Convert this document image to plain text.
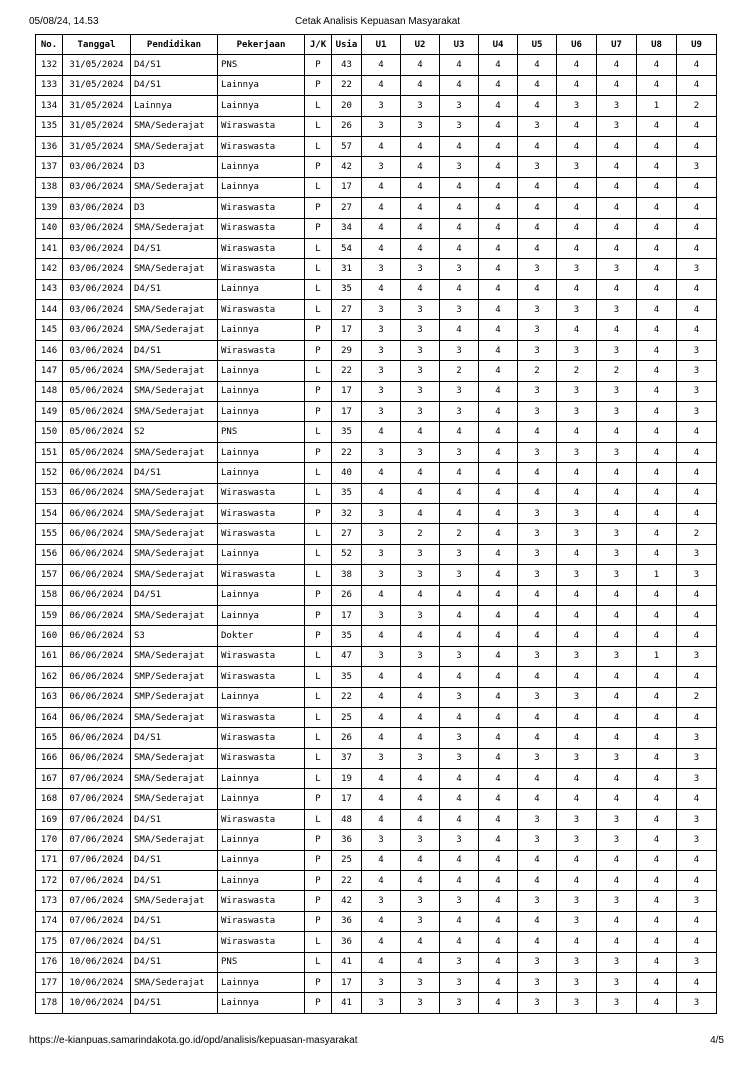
05/08/24, 14.53	Cetak Analisis Kepuasan Masyarakat
No.	Tanggal	Pendidikan	Pekerjaan	J/K	Usia	U1	U2	U3	U4	U5	U6	U7	U8	U9
132	31/05/2024	D4/S1	PNS	P	43	4	4	4	4	4	4	4	4	4
133	31/05/2024	D4/S1	Lainnya	P	22	4	4	4	4	4	4	4	4	4
134	31/05/2024	Lainnya	Lainnya	L	20	3	3	3	4	4	3	3	1	2
135	31/05/2024	SMA/Sederajat	Wiraswasta	L	26	3	3	3	4	3	4	3	4	4
136	31/05/2024	SMA/Sederajat	Wiraswasta	L	57	4	4	4	4	4	4	4	4	4
137	03/06/2024	D3	Lainnya	P	42	3	4	3	4	3	3	4	4	3
138	03/06/2024	SMA/Sederajat	Lainnya	L	17	4	4	4	4	4	4	4	4	4
139	03/06/2024	D3	Wiraswasta	P	27	4	4	4	4	4	4	4	4	4
140	03/06/2024	SMA/Sederajat	Wiraswasta	P	34	4	4	4	4	4	4	4	4	4
141	03/06/2024	D4/S1	Wiraswasta	L	54	4	4	4	4	4	4	4	4	4
142	03/06/2024	SMA/Sederajat	Wiraswasta	L	31	3	3	3	4	3	3	3	4	3
143	03/06/2024	D4/S1	Lainnya	L	35	4	4	4	4	4	4	4	4	4
144	03/06/2024	SMA/Sederajat	Wiraswasta	L	27	3	3	3	4	3	3	3	4	4
145	03/06/2024	SMA/Sederajat	Lainnya	P	17	3	3	4	4	3	4	4	4	4
146	03/06/2024	D4/S1	Wiraswasta	P	29	3	3	3	4	3	3	3	4	3
147	05/06/2024	SMA/Sederajat	Lainnya	L	22	3	3	2	4	2	2	2	4	3
148	05/06/2024	SMA/Sederajat	Lainnya	P	17	3	3	3	4	3	3	3	4	3
149	05/06/2024	SMA/Sederajat	Lainnya	P	17	3	3	3	4	3	3	3	4	3
150	05/06/2024	S2	PNS	L	35	4	4	4	4	4	4	4	4	4
151	05/06/2024	SMA/Sederajat	Lainnya	P	22	3	3	3	4	3	3	3	4	4
152	06/06/2024	D4/S1	Lainnya	L	40	4	4	4	4	4	4	4	4	4
153	06/06/2024	SMA/Sederajat	Wiraswasta	L	35	4	4	4	4	4	4	4	4	4
154	06/06/2024	SMA/Sederajat	Wiraswasta	P	32	3	4	4	4	3	3	4	4	4
155	06/06/2024	SMA/Sederajat	Wiraswasta	L	27	3	2	2	4	3	3	3	4	2
156	06/06/2024	SMA/Sederajat	Lainnya	L	52	3	3	3	4	3	4	3	4	3
157	06/06/2024	SMA/Sederajat	Wiraswasta	L	38	3	3	3	4	3	3	3	1	3
158	06/06/2024	D4/S1	Lainnya	P	26	4	4	4	4	4	4	4	4	4
159	06/06/2024	SMA/Sederajat	Lainnya	P	17	3	3	4	4	4	4	4	4	4
160	06/06/2024	S3	Dokter	P	35	4	4	4	4	4	4	4	4	4
161	06/06/2024	SMA/Sederajat	Wiraswasta	L	47	3	3	3	4	3	3	3	1	3
162	06/06/2024	SMP/Sederajat	Wiraswasta	L	35	4	4	4	4	4	4	4	4	4
163	06/06/2024	SMP/Sederajat	Lainnya	L	22	4	4	3	4	3	3	4	4	2
164	06/06/2024	SMA/Sederajat	Wiraswasta	L	25	4	4	4	4	4	4	4	4	4
165	06/06/2024	D4/S1	Wiraswasta	L	26	4	4	3	4	4	4	4	4	3
166	06/06/2024	SMA/Sederajat	Wiraswasta	L	37	3	3	3	4	3	3	3	4	3
167	07/06/2024	SMA/Sederajat	Lainnya	L	19	4	4	4	4	4	4	4	4	3
168	07/06/2024	SMA/Sederajat	Lainnya	P	17	4	4	4	4	4	4	4	4	4
169	07/06/2024	D4/S1	Wiraswasta	L	48	4	4	4	4	3	3	3	4	3
170	07/06/2024	SMA/Sederajat	Lainnya	P	36	3	3	3	4	3	3	3	4	3
171	07/06/2024	D4/S1	Lainnya	P	25	4	4	4	4	4	4	4	4	4
172	07/06/2024	D4/S1	Lainnya	P	22	4	4	4	4	4	4	4	4	4
173	07/06/2024	SMA/Sederajat	Wiraswasta	P	42	3	3	3	4	3	3	3	4	3
174	07/06/2024	D4/S1	Wiraswasta	P	36	4	3	4	4	4	3	4	4	4
175	07/06/2024	D4/S1	Wiraswasta	L	36	4	4	4	4	4	4	4	4	4
176	10/06/2024	D4/S1	PNS	L	41	4	4	3	4	3	3	3	4	3
177	10/06/2024	SMA/Sederajat	Lainnya	P	17	3	3	3	4	3	3	3	4	4
178	10/06/2024	D4/S1	Lainnya	P	41	3	3	3	4	3	3	3	4	3
https://e-kianpuas.samarindakota.go.id/opd/analisis/kepuasan-masyarakat	4/5
